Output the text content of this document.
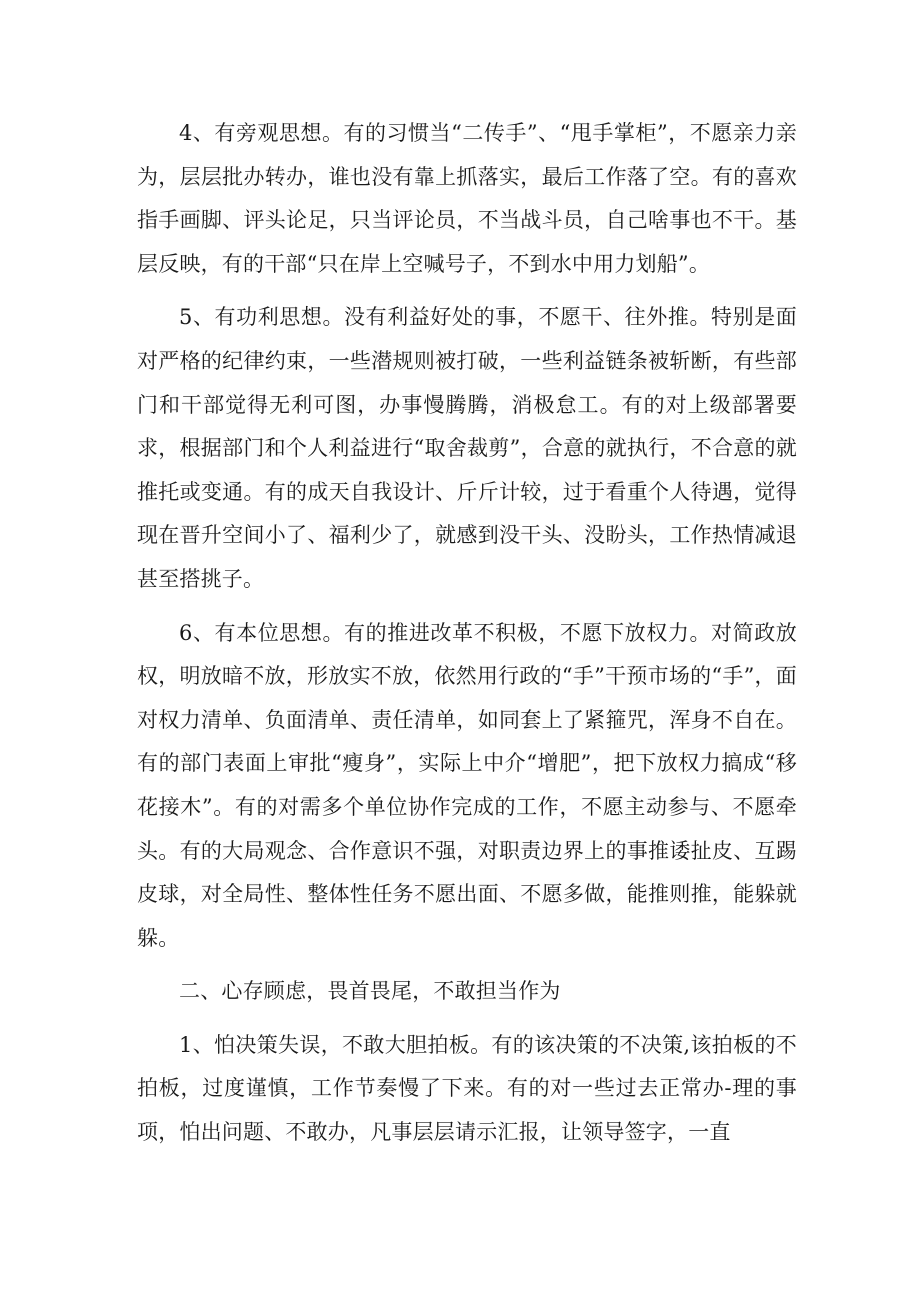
4、有旁观思想。有的习惯当“二传手”、“甩手掌柜”，不愿亲力亲为，层层批办转办，谁也没有靠上抓落实，最后工作落了空。有的喜欢指手画脚、评头论足，只当评论员，不当战斗员，自己啥事也不干。基层反映，有的干部“只在岸上空喊号子，不到水中用力划船”。

5、有功利思想。没有利益好处的事，不愿干、往外推。特别是面对严格的纪律约束，一些潜规则被打破，一些利益链条被斩断，有些部门和干部觉得无利可图，办事慢腾腾，消极怠工。有的对上级部署要求，根据部门和个人利益进行“取舍裁剪”，合意的就执行，不合意的就推托或变通。有的成天自我设计、斤斤计较，过于看重个人待遇，觉得现在晋升空间小了、福利少了，就感到没干头、没盼头，工作热情减退甚至搭挑子。

6、有本位思想。有的推进改革不积极，不愿下放权力。对简政放权，明放暗不放，形放实不放，依然用行政的“手”干预市场的“手”，面对权力清单、负面清单、责任清单，如同套上了紧箍咒，浑身不自在。有的部门表面上审批“瘦身”，实际上中介“增肥”，把下放权力搞成“移花接木”。有的对需多个单位协作完成的工作，不愿主动参与、不愿牵头。有的大局观念、合作意识不强，对职责边界上的事推诿扯皮、互踢皮球，对全局性、整体性任务不愿出面、不愿多做，能推则推，能躲就躲。

二、心存顾虑，畏首畏尾，不敢担当作为

1、怕决策失误，不敢大胆拍板。有的该决策的不决策,该拍板的不拍板，过度谨慎，工作节奏慢了下来。有的对一些过去正常办-理的事项，怕出问题、不敢办，凡事层层请示汇报，让领导签字，一直
